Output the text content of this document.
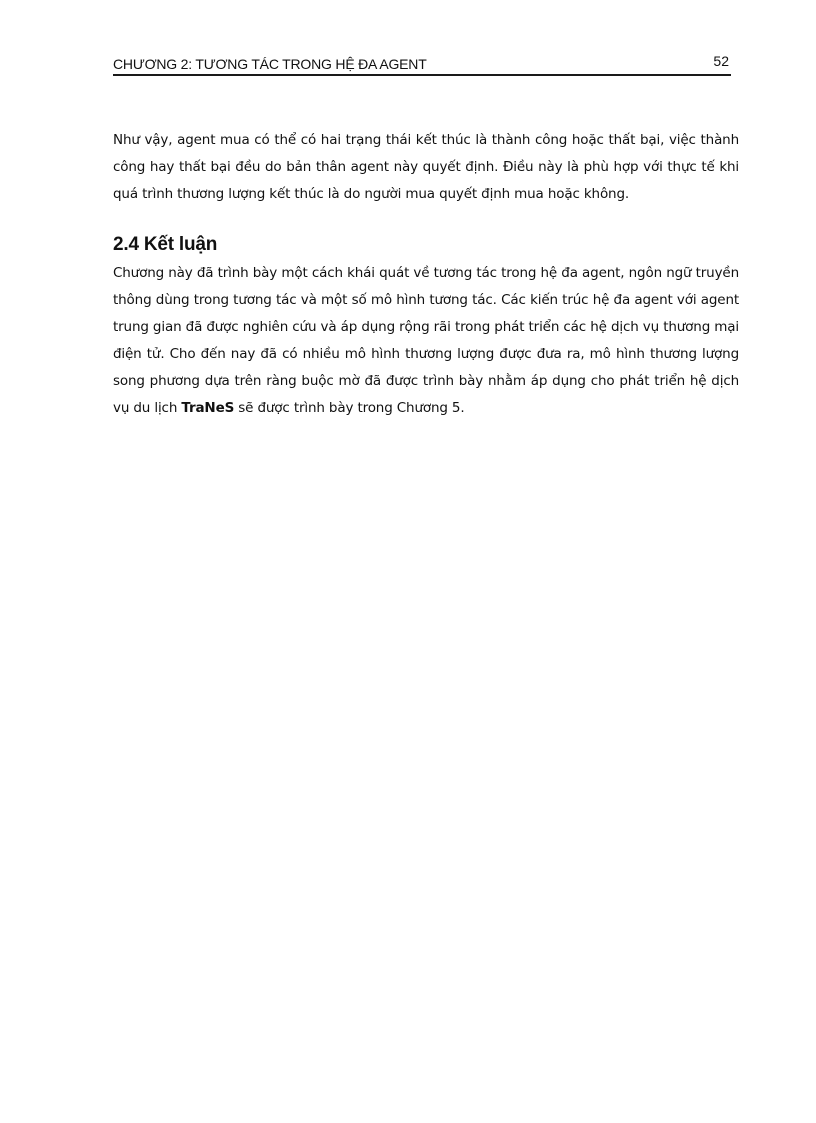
CHƯƠNG 2: TƯƠNG TÁC TRONG HỆ ĐA AGENT	52

Như vậy, agent mua có thể có hai trạng thái kết thúc là thành công hoặc thất bại, việc thành công hay thất bại đều do bản thân agent này quyết định. Điều này là phù hợp với thực tế khi quá trình thương lượng kết thúc là do người mua quyết định mua hoặc không.

2.4 Kết luận

Chương này đã trình bày một cách khái quát về tương tác trong hệ đa agent, ngôn ngữ truyền thông dùng trong tương tác và một số mô hình tương tác. Các kiến trúc hệ đa agent với agent trung gian đã được nghiên cứu và áp dụng rộng rãi trong phát triển các hệ dịch vụ thương mại điện tử. Cho đến nay đã có nhiều mô hình thương lượng được đưa ra, mô hình thương lượng song phương dựa trên ràng buộc mờ đã được trình bày nhằm áp dụng cho phát triển hệ dịch vụ du lịch TraNeS sẽ được trình bày trong Chương 5.
